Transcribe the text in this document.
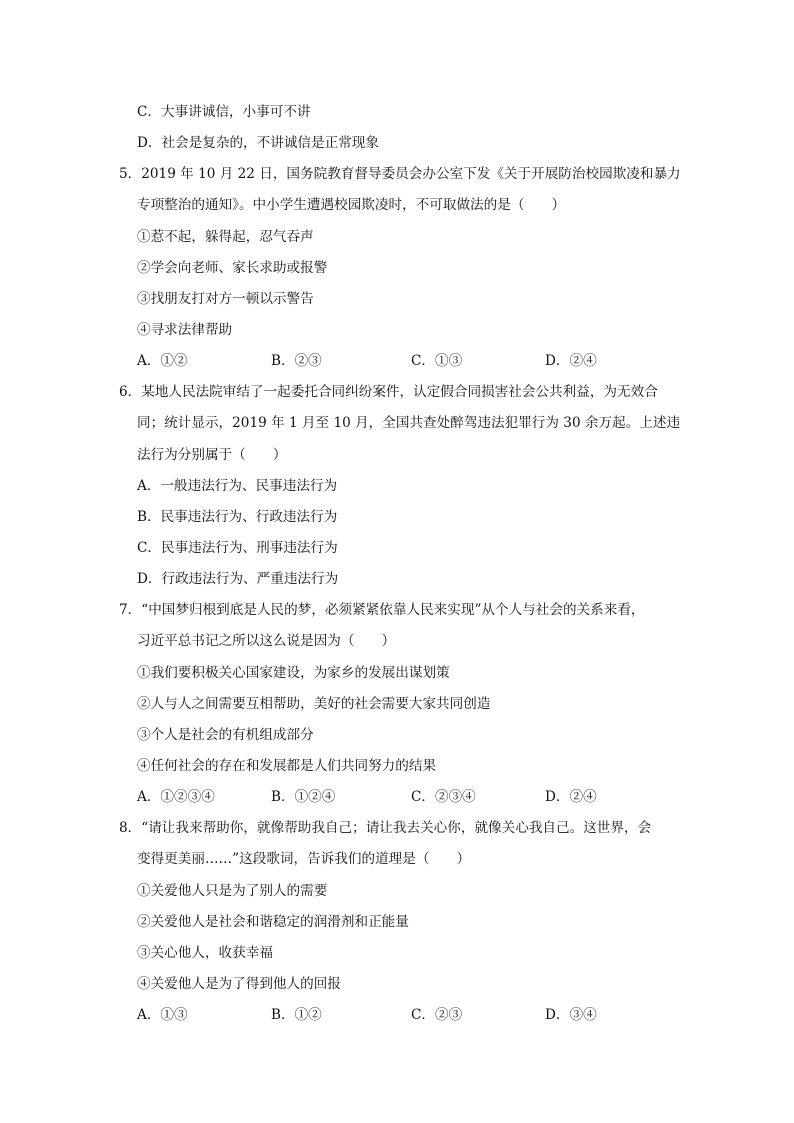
C．大事讲诚信，小事可不讲
D．社会是复杂的，不讲诚信是正常现象
5．2019 年 10 月 22 日，国务院教育督导委员会办公室下发《关于开展防治校园欺凌和暴力
专项整治的通知》。中小学生遭遇校园欺凌时，不可取做法的是（　　）
①惹不起，躲得起，忍气吞声
②学会向老师、家长求助或报警
③找朋友打对方一顿以示警告
④寻求法律帮助
A．①②	B．②③	C．①③	D．②④
6．某地人民法院审结了一起委托合同纠纷案件，认定假合同损害社会公共利益，为无效合
同；统计显示，2019 年 1 月至 10 月，全国共查处醉驾违法犯罪行为 30 余万起。上述违
法行为分别属于（　　）
A．一般违法行为、民事违法行为
B．民事违法行为、行政违法行为
C．民事违法行为、刑事违法行为
D．行政违法行为、严重违法行为
7．“中国梦归根到底是人民的梦，必须紧紧依靠人民来实现”从个人与社会的关系来看，
习近平总书记之所以这么说是因为（　　）
①我们要积极关心国家建设，为家乡的发展出谋划策
②人与人之间需要互相帮助，美好的社会需要大家共同创造
③个人是社会的有机组成部分
④任何社会的存在和发展都是人们共同努力的结果
A．①②③④	B．①②④	C．②③④	D．②④
8．“请让我来帮助你，就像帮助我自己；请让我去关心你，就像关心我自己。这世界，会
变得更美丽……”这段歌词，告诉我们的道理是（　　）
①关爱他人只是为了别人的需要
②关爱他人是社会和谐稳定的润滑剂和正能量
③关心他人，收获幸福
④关爱他人是为了得到他人的回报
A．①③	B．①②	C．②③	D．③④
